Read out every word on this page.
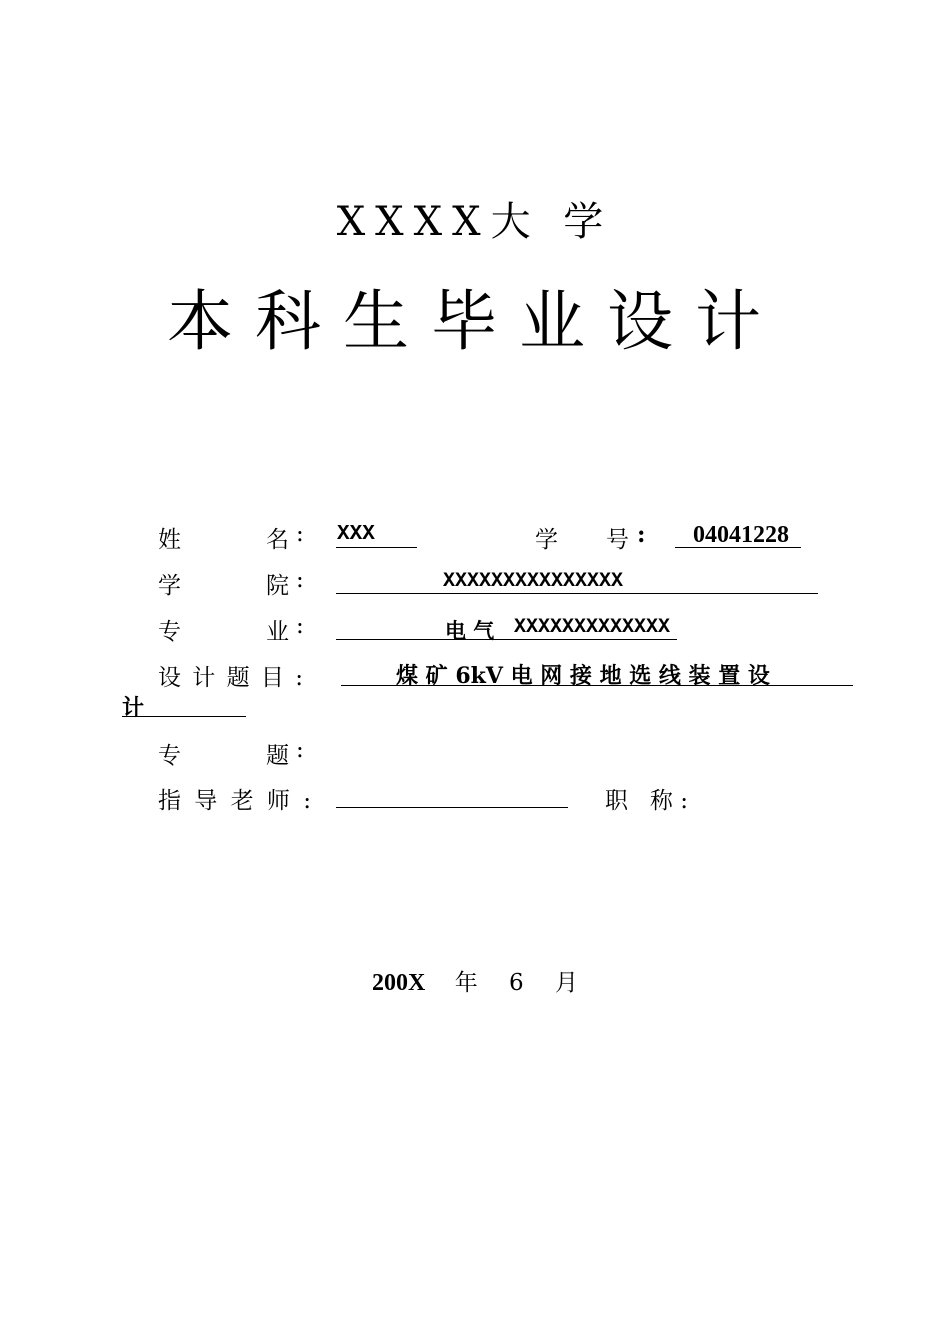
XXXX大 学
本科生毕业设计
姓	名 : XXX	学 号 : 04041228
学	院 :	XXXXXXXXXXXXXXX
专	业 :	电 气 XXXXXXXXXXXXX
设 计 题 目 :	煤 矿 6kV 电 网 接 地 选 线 装 置 设
计
专	题 :
指 导 老 师 :	职   称 :
200X 年 6 月
